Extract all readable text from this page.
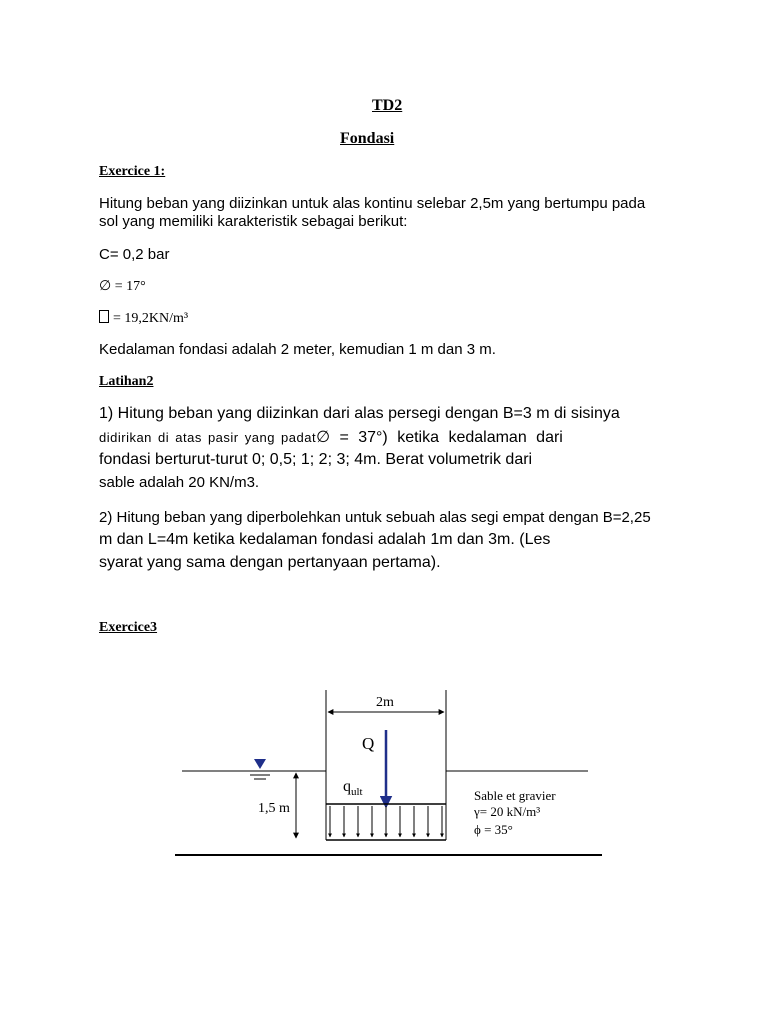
TD2
Fondasi
Exercice 1:
Hitung beban yang diizinkan untuk alas kontinu selebar 2,5m yang bertumpu pada
sol yang memiliki karakteristik sebagai berikut:
C= 0,2 bar
∅ = 17°
= 19,2KN/m³
Kedalaman fondasi adalah 2 meter, kemudian 1 m dan 3 m.
Latihan2
1) Hitung beban yang diizinkan dari alas persegi dengan B=3 m di sisinya
didirikan di atas pasir yang padat∅ = 37°) ketika kedalaman dari
fondasi berturut-turut 0; 0,5; 1; 2; 3; 4m. Berat volumetrik dari
sable adalah 20 KN/m3.
2) Hitung beban yang diperbolehkan untuk sebuah alas segi empat dengan B=2,25
m dan L=4m ketika kedalaman fondasi adalah 1m dan 3m. (Les
syarat yang sama dengan pertanyaan pertama).
Exercice3
2m
Q
$q_{ult}$
1,5 m
Sable et gravier
γ= 20 kN/m³
ϕ = 35°
